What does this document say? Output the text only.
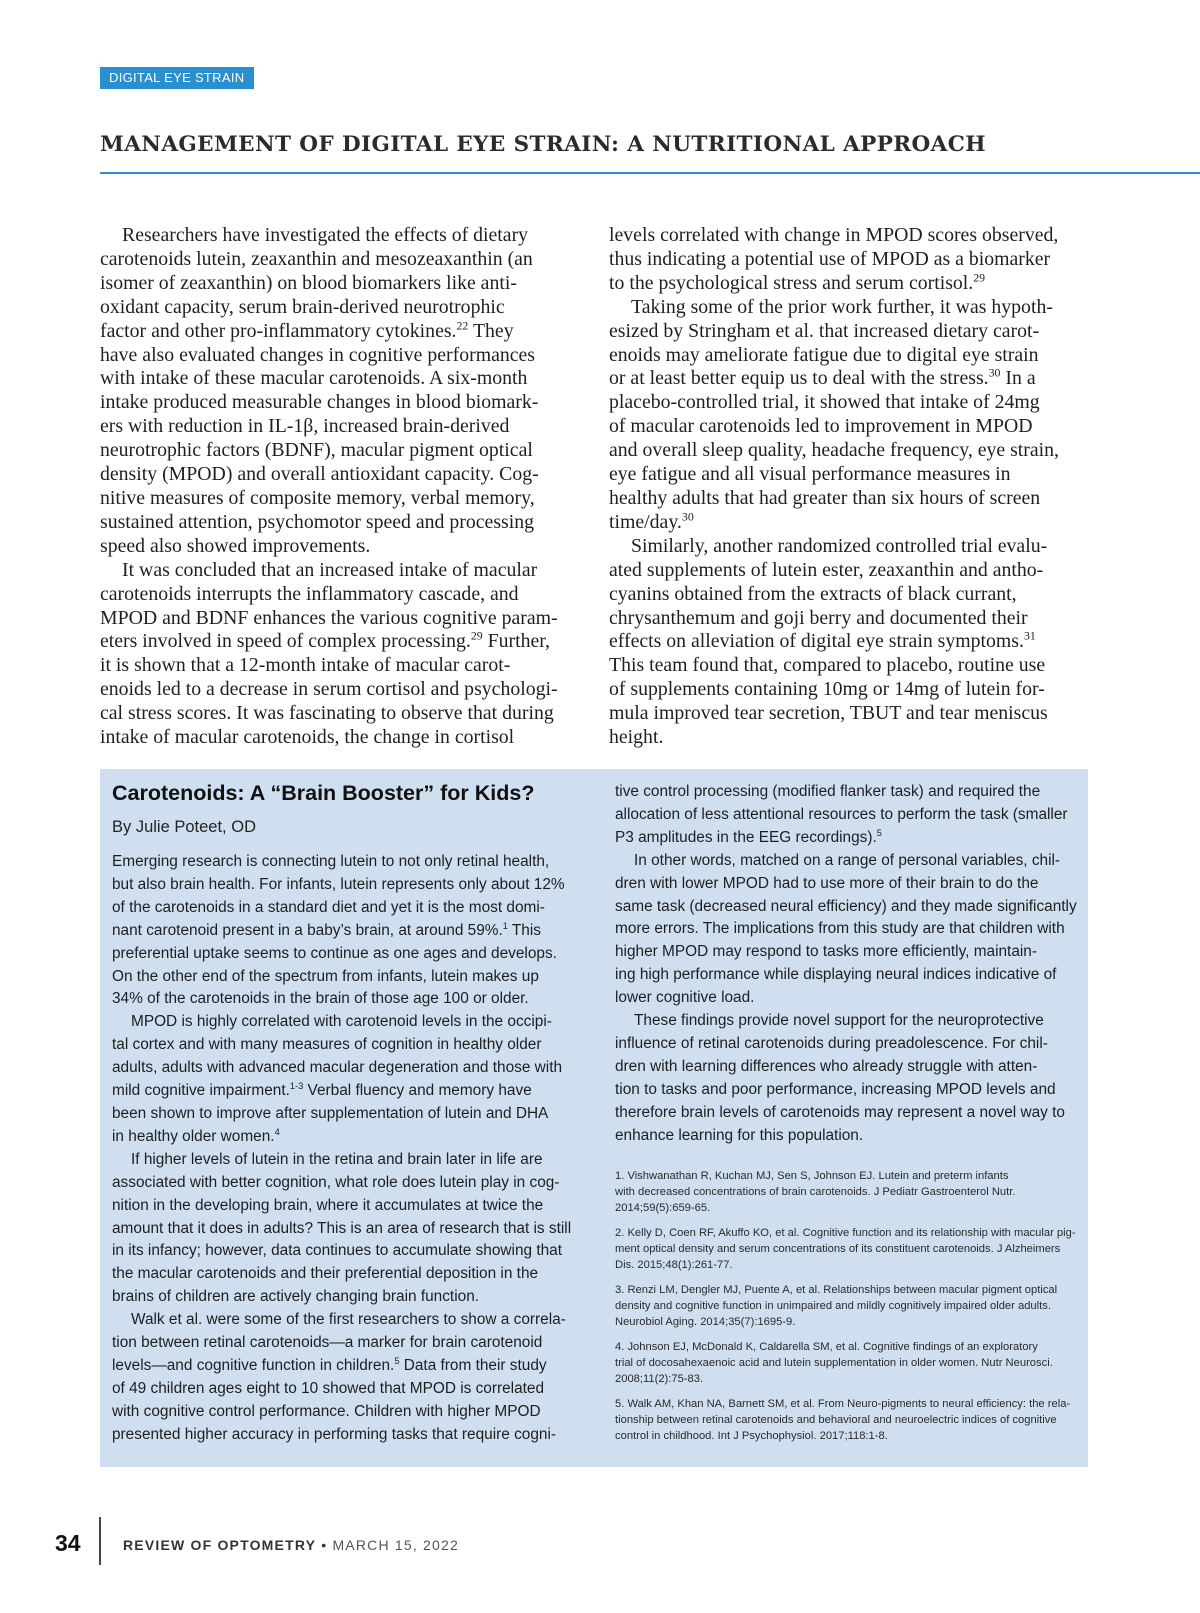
DIGITAL EYE STRAIN
MANAGEMENT OF DIGITAL EYE STRAIN: A NUTRITIONAL APPROACH

Researchers have investigated the effects of dietary
carotenoids lutein, zeaxanthin and mesozeaxanthin (an
isomer of zeaxanthin) on blood biomarkers like anti-
oxidant capacity, serum brain-derived neurotrophic
factor and other pro-inflammatory cytokines.$^{22}$ They
have also evaluated changes in cognitive performances
with intake of these macular carotenoids. A six-month
intake produced measurable changes in blood biomark-
ers with reduction in IL-1β, increased brain-derived
neurotrophic factors (BDNF), macular pigment optical
density (MPOD) and overall antioxidant capacity. Cog-
nitive measures of composite memory, verbal memory,
sustained attention, psychomotor speed and processing
speed also showed improvements.

It was concluded that an increased intake of macular
carotenoids interrupts the inflammatory cascade, and
MPOD and BDNF enhances the various cognitive param-
eters involved in speed of complex processing.$^{29}$ Further,
it is shown that a 12-month intake of macular carot-
enoids led to a decrease in serum cortisol and psychologi-
cal stress scores. It was fascinating to observe that during
intake of macular carotenoids, the change in cortisol

levels correlated with change in MPOD scores observed,
thus indicating a potential use of MPOD as a biomarker
to the psychological stress and serum cortisol.$^{29}$

Taking some of the prior work further, it was hypoth-
esized by Stringham et al. that increased dietary carot-
enoids may ameliorate fatigue due to digital eye strain
or at least better equip us to deal with the stress.$^{30}$ In a
placebo-controlled trial, it showed that intake of 24mg
of macular carotenoids led to improvement in MPOD
and overall sleep quality, headache frequency, eye strain,
eye fatigue and all visual performance measures in
healthy adults that had greater than six hours of screen
time/day.$^{30}$

Similarly, another randomized controlled trial evalu-
ated supplements of lutein ester, zeaxanthin and antho-
cyanins obtained from the extracts of black currant,
chrysanthemum and goji berry and documented their
effects on alleviation of digital eye strain symptoms.$^{31}$
This team found that, compared to placebo, routine use
of supplements containing 10mg or 14mg of lutein for-
mula improved tear secretion, TBUT and tear meniscus
height.

Carotenoids: A “Brain Booster” for Kids?
By Julie Poteet, OD

Emerging research is connecting lutein to not only retinal health,
but also brain health. For infants, lutein represents only about 12%
of the carotenoids in a standard diet and yet it is the most domi-
nant carotenoid present in a baby’s brain, at around 59%.$^1$ This
preferential uptake seems to continue as one ages and develops.
On the other end of the spectrum from infants, lutein makes up
34% of the carotenoids in the brain of those age 100 or older.

MPOD is highly correlated with carotenoid levels in the occipi-
tal cortex and with many measures of cognition in healthy older
adults, adults with advanced macular degeneration and those with
mild cognitive impairment.$^{1-3}$ Verbal fluency and memory have
been shown to improve after supplementation of lutein and DHA
in healthy older women.$^4$

If higher levels of lutein in the retina and brain later in life are
associated with better cognition, what role does lutein play in cog-
nition in the developing brain, where it accumulates at twice the
amount that it does in adults? This is an area of research that is still
in its infancy; however, data continues to accumulate showing that
the macular carotenoids and their preferential deposition in the
brains of children are actively changing brain function.

Walk et al. were some of the first researchers to show a correla-
tion between retinal carotenoids—a marker for brain carotenoid
levels—and cognitive function in children.$^5$ Data from their study
of 49 children ages eight to 10 showed that MPOD is correlated
with cognitive control performance. Children with higher MPOD
presented higher accuracy in performing tasks that require cogni-

tive control processing (modified flanker task) and required the
allocation of less attentional resources to perform the task (smaller
P3 amplitudes in the EEG recordings).$^5$

In other words, matched on a range of personal variables, chil-
dren with lower MPOD had to use more of their brain to do the
same task (decreased neural efficiency) and they made significantly
more errors. The implications from this study are that children with
higher MPOD may respond to tasks more efficiently, maintain-
ing high performance while displaying neural indices indicative of
lower cognitive load.

These findings provide novel support for the neuroprotective
influence of retinal carotenoids during preadolescence. For chil-
dren with learning differences who already struggle with atten-
tion to tasks and poor performance, increasing MPOD levels and
therefore brain levels of carotenoids may represent a novel way to
enhance learning for this population.

1. Vishwanathan R, Kuchan MJ, Sen S, Johnson EJ. Lutein and preterm infants
with decreased concentrations of brain carotenoids. J Pediatr Gastroenterol Nutr.
2014;59(5):659-65.
2. Kelly D, Coen RF, Akuffo KO, et al. Cognitive function and its relationship with macular pig-
ment optical density and serum concentrations of its constituent carotenoids. J Alzheimers
Dis. 2015;48(1):261-77.
3. Renzi LM, Dengler MJ, Puente A, et al. Relationships between macular pigment optical
density and cognitive function in unimpaired and mildly cognitively impaired older adults.
Neurobiol Aging. 2014;35(7):1695-9.
4. Johnson EJ, McDonald K, Caldarella SM, et al. Cognitive findings of an exploratory
trial of docosahexaenoic acid and lutein supplementation in older women. Nutr Neurosci.
2008;11(2):75-83.
5. Walk AM, Khan NA, Barnett SM, et al. From Neuro-pigments to neural efficiency: the rela-
tionship between retinal carotenoids and behavioral and neuroelectric indices of cognitive
control in childhood. Int J Psychophysiol. 2017;118:1-8.
34	REVIEW OF OPTOMETRY • MARCH 15, 2022
